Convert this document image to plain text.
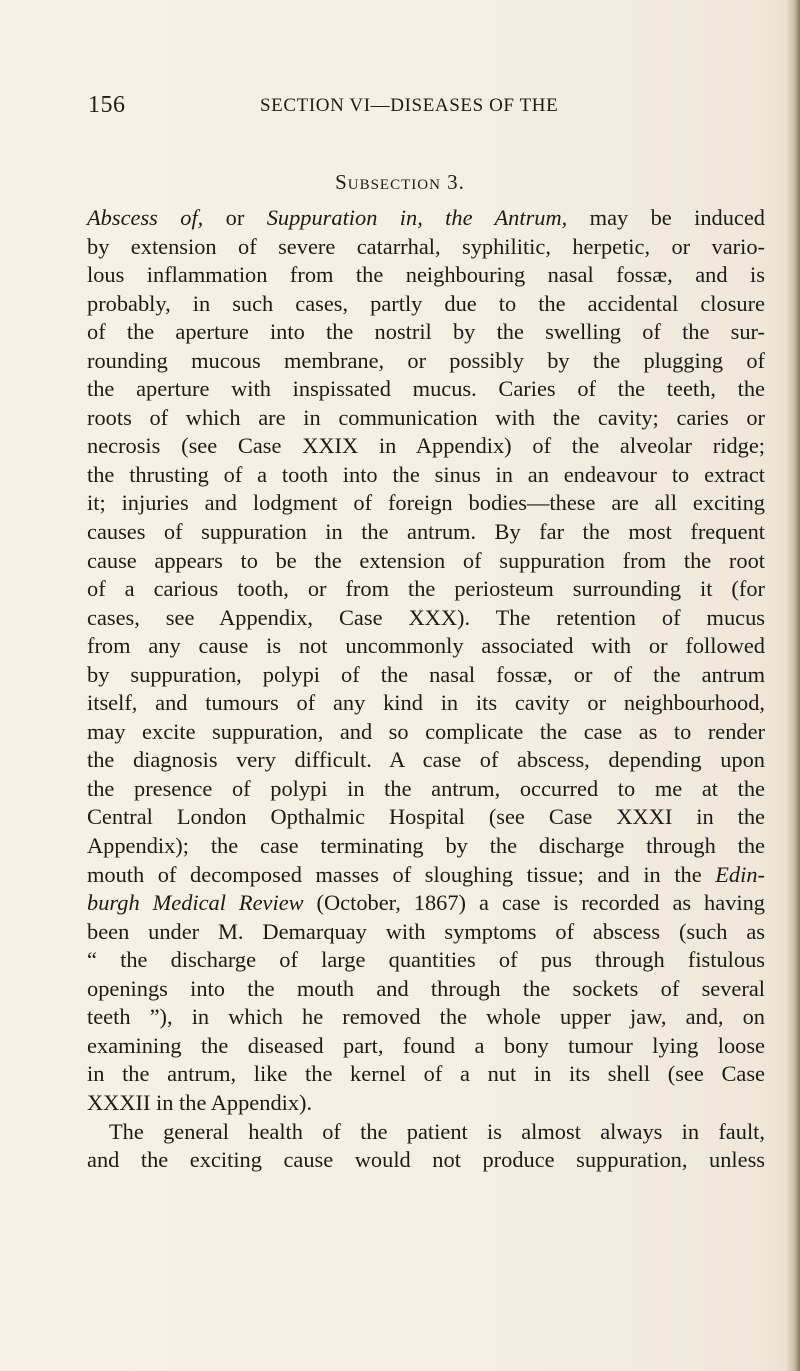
156	SECTION VI—DISEASES OF THE
Subsection 3.
Abscess of, or Suppuration in, the Antrum, may be induced
by extension of severe catarrhal, syphilitic, herpetic, or vario-
lous inflammation from the neighbouring nasal fossæ, and is
probably, in such cases, partly due to the accidental closure
of the aperture into the nostril by the swelling of the sur-
rounding mucous membrane, or possibly by the plugging of
the aperture with inspissated mucus. Caries of the teeth, the
roots of which are in communication with the cavity; caries or
necrosis (see Case XXIX in Appendix) of the alveolar ridge;
the thrusting of a tooth into the sinus in an endeavour to extract
it; injuries and lodgment of foreign bodies—these are all exciting
causes of suppuration in the antrum. By far the most frequent
cause appears to be the extension of suppuration from the root
of a carious tooth, or from the periosteum surrounding it (for
cases, see Appendix, Case XXX). The retention of mucus
from any cause is not uncommonly associated with or followed
by suppuration, polypi of the nasal fossæ, or of the antrum
itself, and tumours of any kind in its cavity or neighbourhood,
may excite suppuration, and so complicate the case as to render
the diagnosis very difficult. A case of abscess, depending upon
the presence of polypi in the antrum, occurred to me at the
Central London Opthalmic Hospital (see Case XXXI in the
Appendix); the case terminating by the discharge through the
mouth of decomposed masses of sloughing tissue; and in the Edin-
burgh Medical Review (October, 1867) a case is recorded as having
been under M. Demarquay with symptoms of abscess (such as
“ the discharge of large quantities of pus through fistulous
openings into the mouth and through the sockets of several
teeth ”), in which he removed the whole upper jaw, and, on
examining the diseased part, found a bony tumour lying loose
in the antrum, like the kernel of a nut in its shell (see Case
XXXII in the Appendix).
The general health of the patient is almost always in fault,
and the exciting cause would not produce suppuration, unless
